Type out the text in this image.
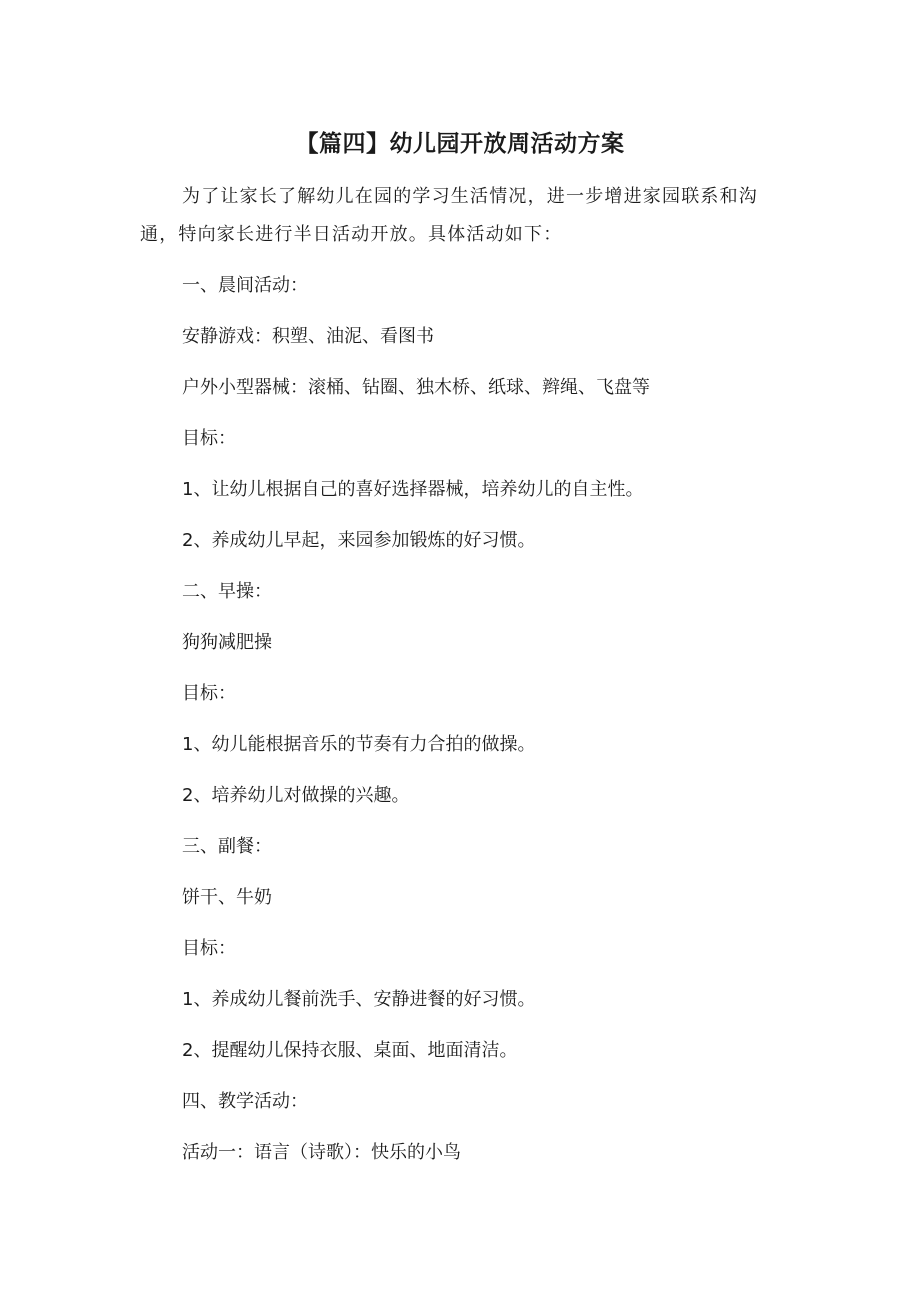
【篇四】幼儿园开放周活动方案

为了让家长了解幼儿在园的学习生活情况，进一步增进家园联系和沟通，特向家长进行半日活动开放。具体活动如下：

一、晨间活动：

安静游戏：积塑、油泥、看图书

户外小型器械：滚桶、钻圈、独木桥、纸球、辫绳、飞盘等

目标：

1、让幼儿根据自己的喜好选择器械，培养幼儿的自主性。

2、养成幼儿早起，来园参加锻炼的好习惯。

二、早操：

狗狗减肥操

目标：

1、幼儿能根据音乐的节奏有力合拍的做操。

2、培养幼儿对做操的兴趣。

三、副餐：

饼干、牛奶

目标：

1、养成幼儿餐前洗手、安静进餐的好习惯。

2、提醒幼儿保持衣服、桌面、地面清洁。

四、教学活动：

活动一：语言（诗歌）：快乐的小鸟
